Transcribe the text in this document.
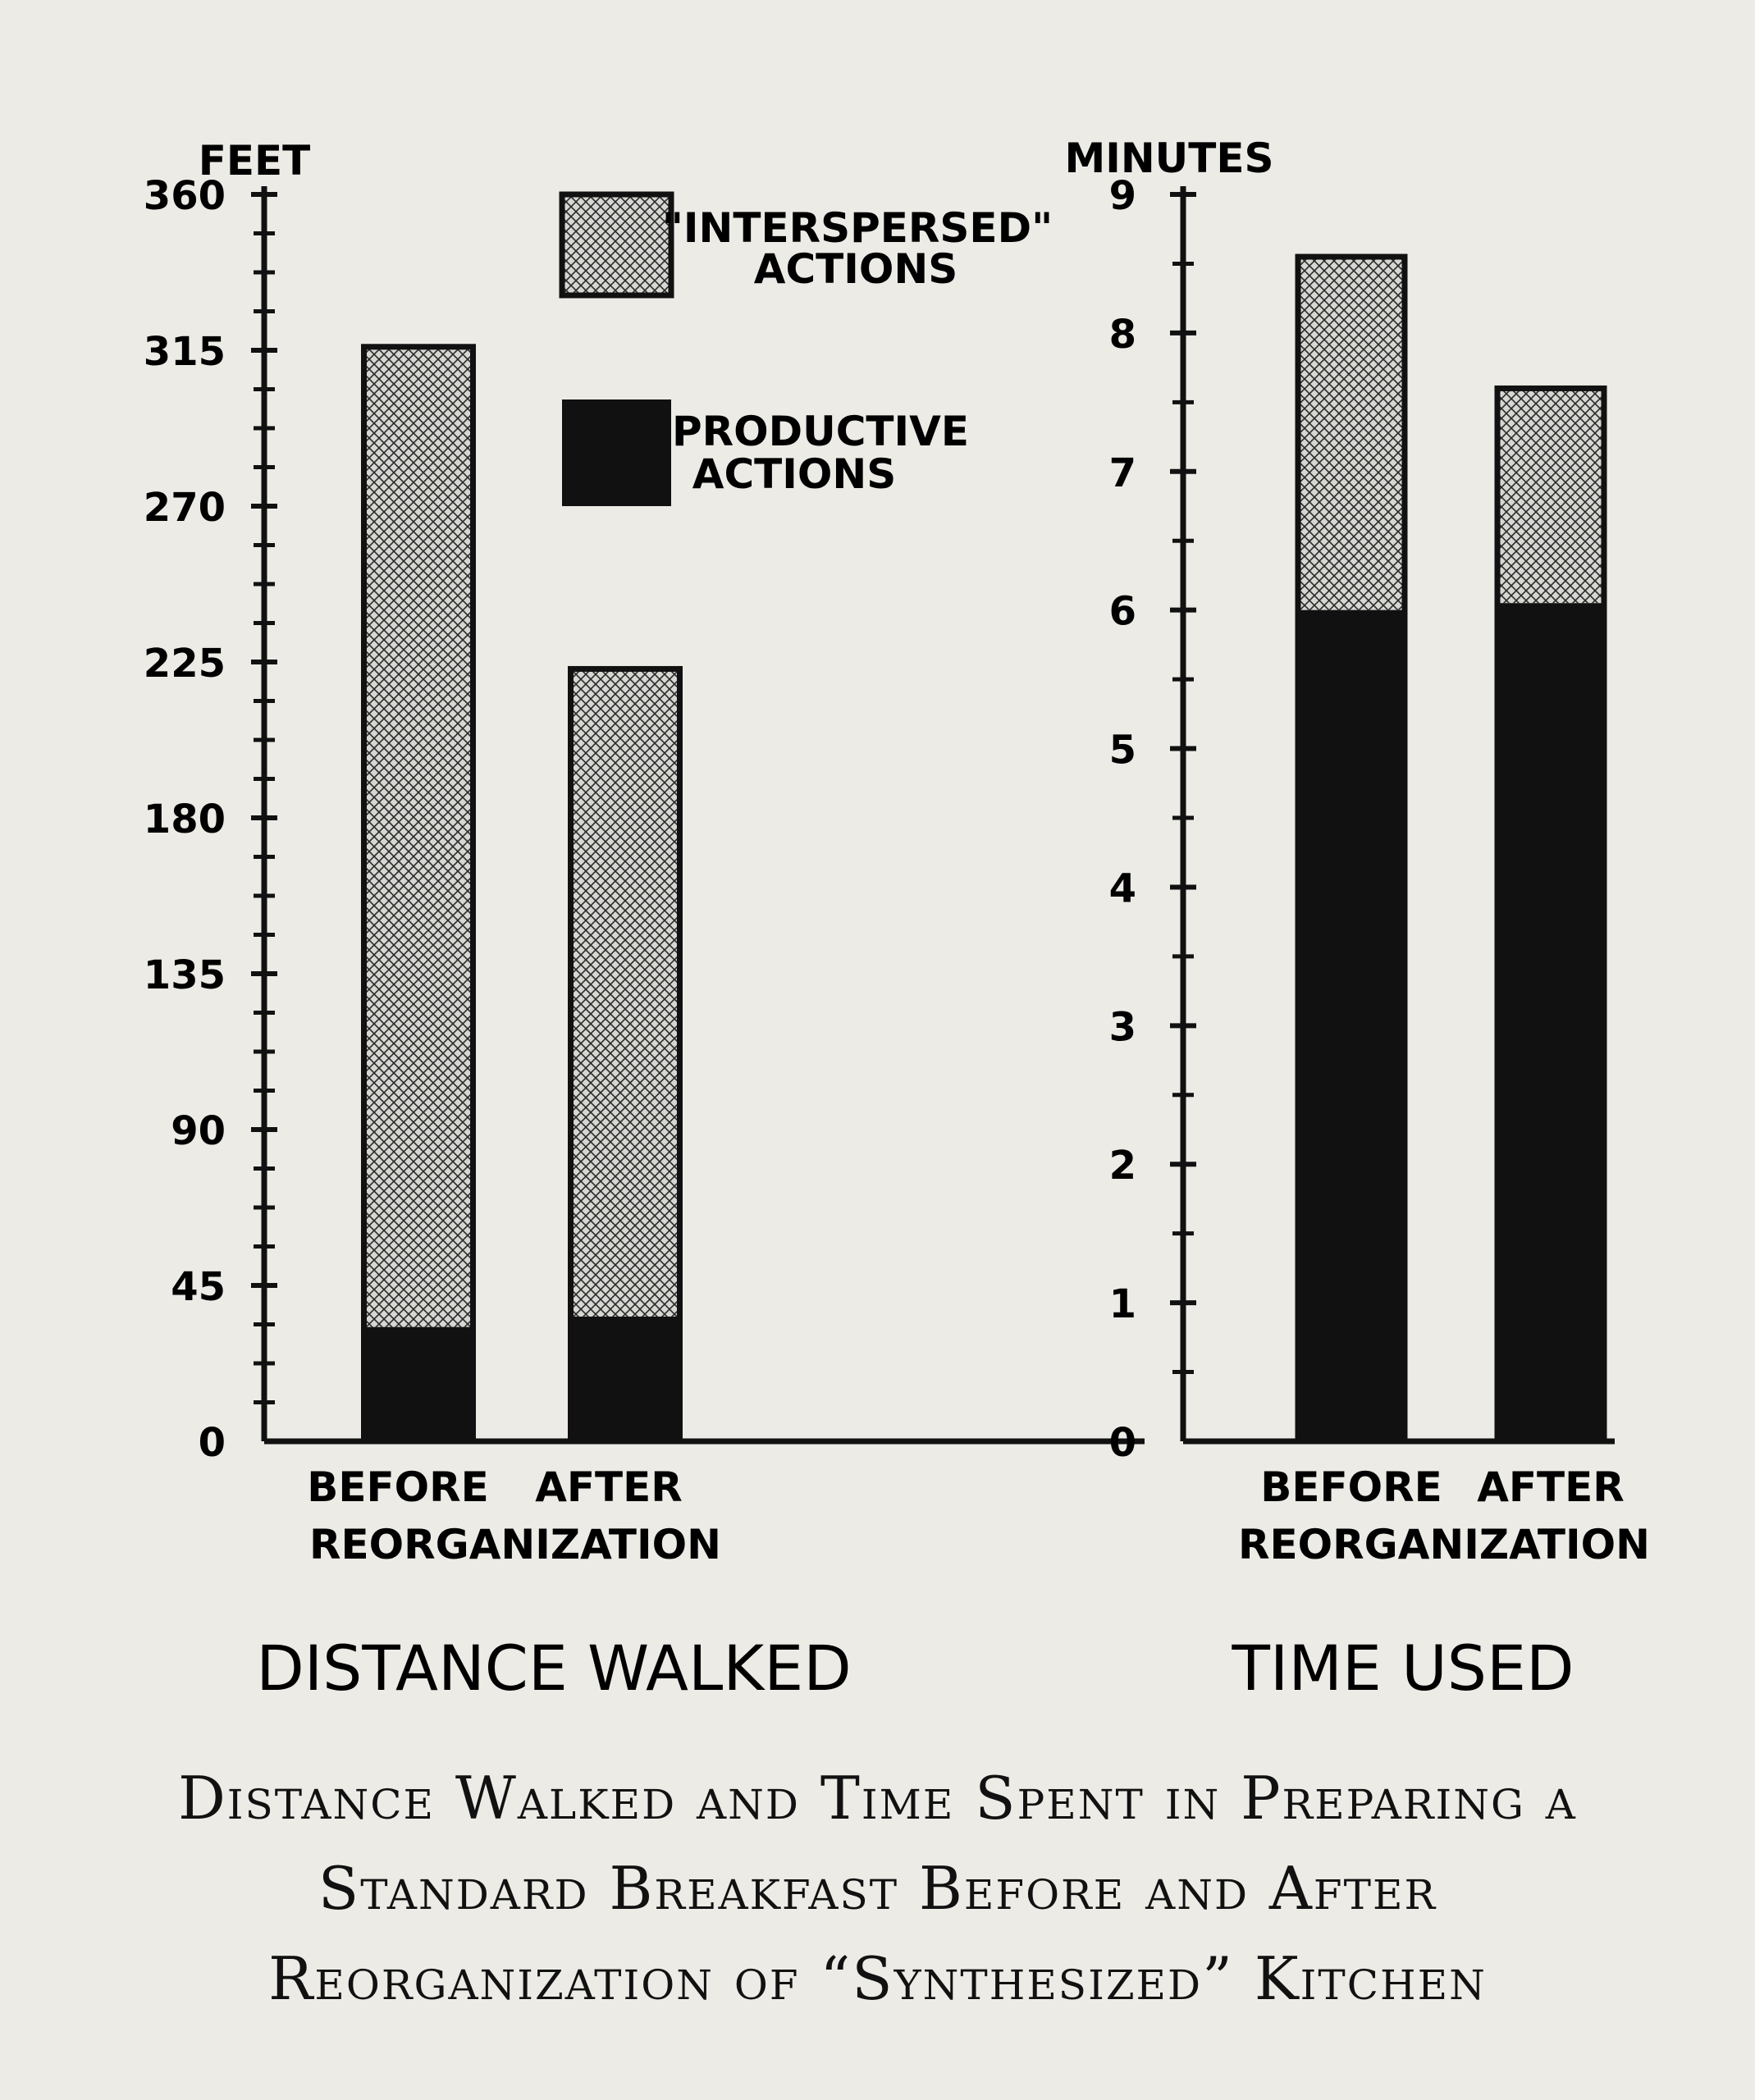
FEET
DISTANCE WALKED
BEFORE AFTER
REORGANIZATION
MINUTES
TIME USED
BEFORE AFTER
REORGANIZATION
"INTERSPERSED"
ACTIONS
PRODUCTIVE
ACTIONS
0
45
90
135
180
225
270
315
360
0
1
2
3
4
5
6
7
8
9
Distance Walked and Time Spent in Preparing a
Standard Breakfast Before and After
Reorganization of “Synthesized” Kitchen
